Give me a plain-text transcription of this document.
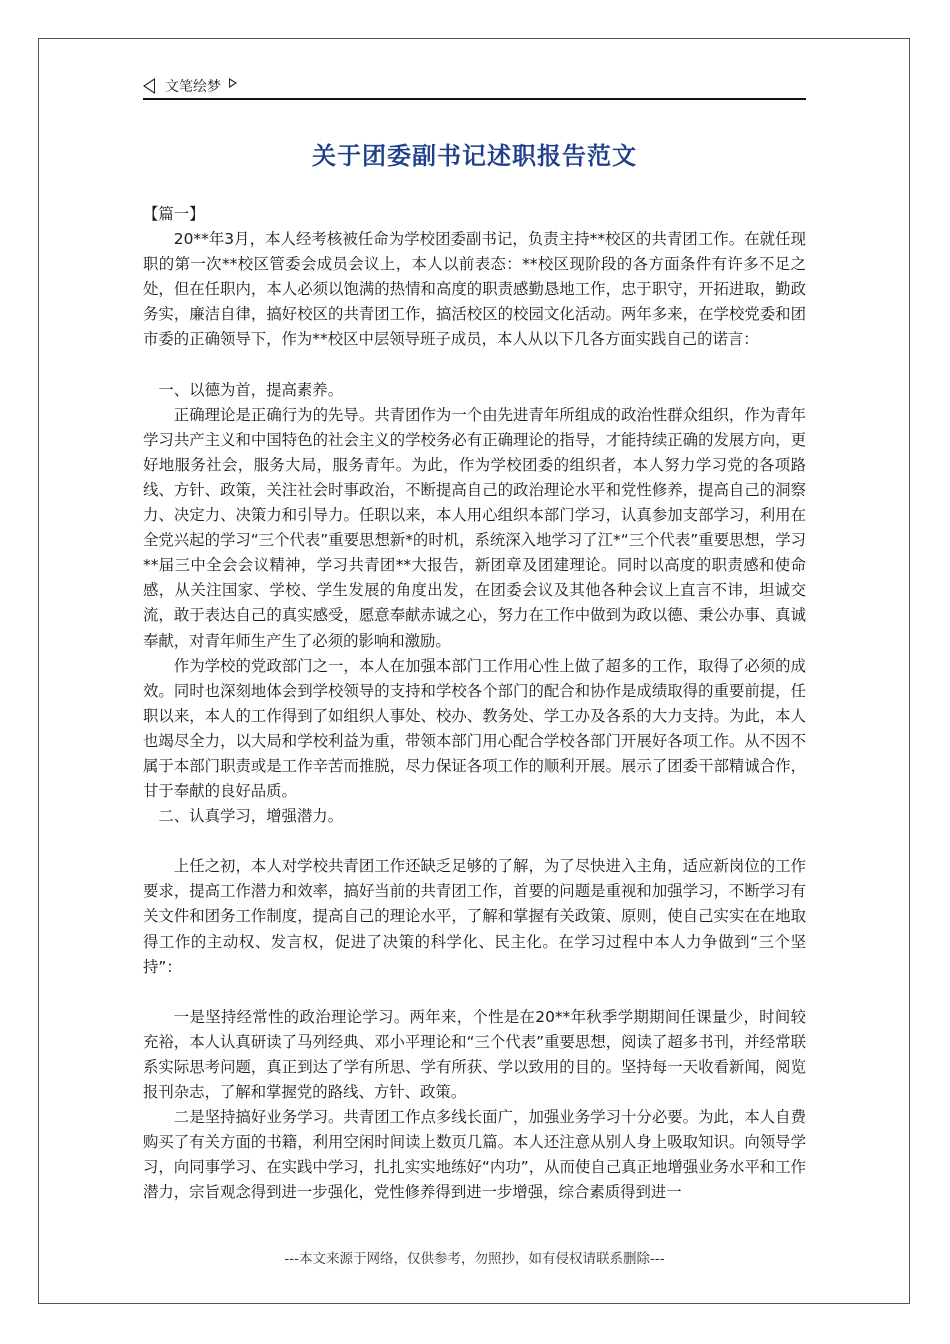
文笔绘梦
关于团委副书记述职报告范文

【篇一】

20**年3月，本人经考核被任命为学校团委副书记，负责主持**校区的共青团工作。在就任现职的第一次**校区管委会成员会议上，本人以前表态：**校区现阶段的各方面条件有许多不足之处，但在任职内，本人必须以饱满的热情和高度的职责感勤恳地工作，忠于职守，开拓进取，勤政务实，廉洁自律，搞好校区的共青团工作，搞活校区的校园文化活动。两年多来，在学校党委和团市委的正确领导下，作为**校区中层领导班子成员，本人从以下几各方面实践自己的诺言：

一、以德为首，提高素养。

正确理论是正确行为的先导。共青团作为一个由先进青年所组成的政治性群众组织，作为青年学习共产主义和中国特色的社会主义的学校务必有正确理论的指导，才能持续正确的发展方向，更好地服务社会，服务大局，服务青年。为此，作为学校团委的组织者，本人努力学习党的各项路线、方针、政策，关注社会时事政治，不断提高自己的政治理论水平和党性修养，提高自己的洞察力、决定力、决策力和引导力。任职以来，本人用心组织本部门学习，认真参加支部学习，利用在全党兴起的学习“三个代表”重要思想新*的时机，系统深入地学习了江*“三个代表”重要思想，学习**届三中全会会议精神，学习共青团**大报告，新团章及团建理论。同时以高度的职责感和使命感，从关注国家、学校、学生发展的角度出发，在团委会议及其他各种会议上直言不讳，坦诚交流，敢于表达自己的真实感受，愿意奉献赤诚之心，努力在工作中做到为政以德、秉公办事、真诚奉献，对青年师生产生了必须的影响和激励。

作为学校的党政部门之一，本人在加强本部门工作用心性上做了超多的工作，取得了必须的成效。同时也深刻地体会到学校领导的支持和学校各个部门的配合和协作是成绩取得的重要前提，任职以来，本人的工作得到了如组织人事处、校办、教务处、学工办及各系的大力支持。为此，本人也竭尽全力，以大局和学校利益为重，带领本部门用心配合学校各部门开展好各项工作。从不因不属于本部门职责或是工作辛苦而推脱，尽力保证各项工作的顺利开展。展示了团委干部精诚合作，甘于奉献的良好品质。

二、认真学习，增强潜力。

上任之初，本人对学校共青团工作还缺乏足够的了解，为了尽快进入主角，适应新岗位的工作要求，提高工作潜力和效率，搞好当前的共青团工作，首要的问题是重视和加强学习，不断学习有关文件和团务工作制度，提高自己的理论水平，了解和掌握有关政策、原则，使自己实实在在地取得工作的主动权、发言权，促进了决策的科学化、民主化。在学习过程中本人力争做到“三个坚持”：

一是坚持经常性的政治理论学习。两年来，个性是在20**年秋季学期期间任课量少，时间较充裕，本人认真研读了马列经典、邓小平理论和“三个代表”重要思想，阅读了超多书刊，并经常联系实际思考问题，真正到达了学有所思、学有所获、学以致用的目的。坚持每一天收看新闻，阅览报刊杂志，了解和掌握党的路线、方针、政策。

二是坚持搞好业务学习。共青团工作点多线长面广，加强业务学习十分必要。为此，本人自费购买了有关方面的书籍，利用空闲时间读上数页几篇。本人还注意从别人身上吸取知识。向领导学习，向同事学习、在实践中学习，扎扎实实地练好“内功”，从而使自己真正地增强业务水平和工作潜力，宗旨观念得到进一步强化，党性修养得到进一步增强，综合素质得到进一

---本文来源于网络，仅供参考，勿照抄，如有侵权请联系删除---
